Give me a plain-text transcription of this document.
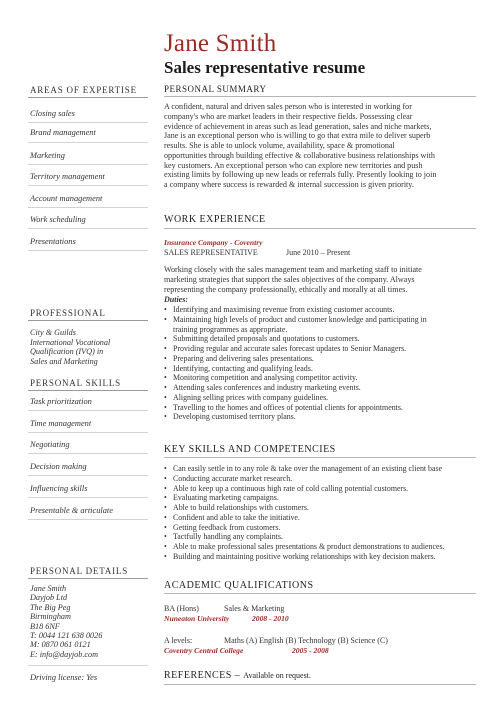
Jane Smith
Sales representative resume
AREAS OF EXPERTISE
Closing sales
Brand management
Marketing
Territory management
Account management
Work scheduling
Presentations
PROFESSIONAL
City & Guilds
International Vocational
Qualification (IVQ) in
Sales and Marketing
PERSONAL SKILLS
Task prioritization
Time management
Negotiating
Decision making
Influencing skills
Presentable & articulate
PERSONAL DETAILS
Jane Smith
Dayjob Ltd
The Big Peg
Birmingham
B18 6NF
T: 0044 121 638 0026
M: 0870 061 0121
E: info@dayjob.com
Driving license: Yes
PERSONAL SUMMARY
A confident, natural and driven sales person who is interested in working for
company's who are market leaders in their respective fields. Possessing clear
evidence of achievement in areas such as lead generation, sales and niche markets,
Jane is an exceptional person who is willing to go that extra mile to deliver superb
results. She is able to unlock volume, availability, space & promotional
opportunities through building effective & collaborative business relationships with
key customers. An exceptional person who can explore new territories and push
existing limits by following up new leads or referrals fully. Presently looking to join
a company where success is rewarded & internal succession is given priority.
WORK EXPERIENCE
Insurance Company - Coventry
SALES REPRESENTATIVE	June 2010 – Present
Working closely with the sales management team and marketing staff to initiate
marketing strategies that support the sales objectives of the company. Always
representing the company professionally, ethically and morally at all times.
Duties:
• Identifying and maximising revenue from existing customer accounts.
• Maintaining high levels of product and customer knowledge and participating in
training programmes as appropriate.
• Submitting detailed proposals and quotations to customers.
• Providing regular and accurate sales forecast updates to Senior Managers.
• Preparing and delivering sales presentations.
• Identifying, contacting and qualifying leads.
• Monitoring competition and analysing competitor activity.
• Attending sales conferences and industry marketing events.
• Aligning selling prices with company guidelines.
• Travelling to the homes and offices of potential clients for appointments.
• Developing customised territory plans.
KEY SKILLS AND COMPETENCIES
• Can easily settle in to any role & take over the management of an existing client base
• Conducting accurate market research.
• Able to keep up a continuous high rate of cold calling potential customers.
• Evaluating marketing campaigns.
• Able to build relationships with customers.
• Confident and able to take the initiative.
• Getting feedback from customers.
• Tactfully handling any complaints.
• Able to make professional sales presentations & product demonstrations to audiences.
• Building and maintaining positive working relationships with key decision makers.
ACADEMIC QUALIFICATIONS
BA (Hons)	Sales & Marketing
Nuneaton University	2008 - 2010
A levels:	Maths (A) English (B) Technology (B) Science (C)
Coventry Central College	2005 - 2008
REFERENCES – Available on request.
